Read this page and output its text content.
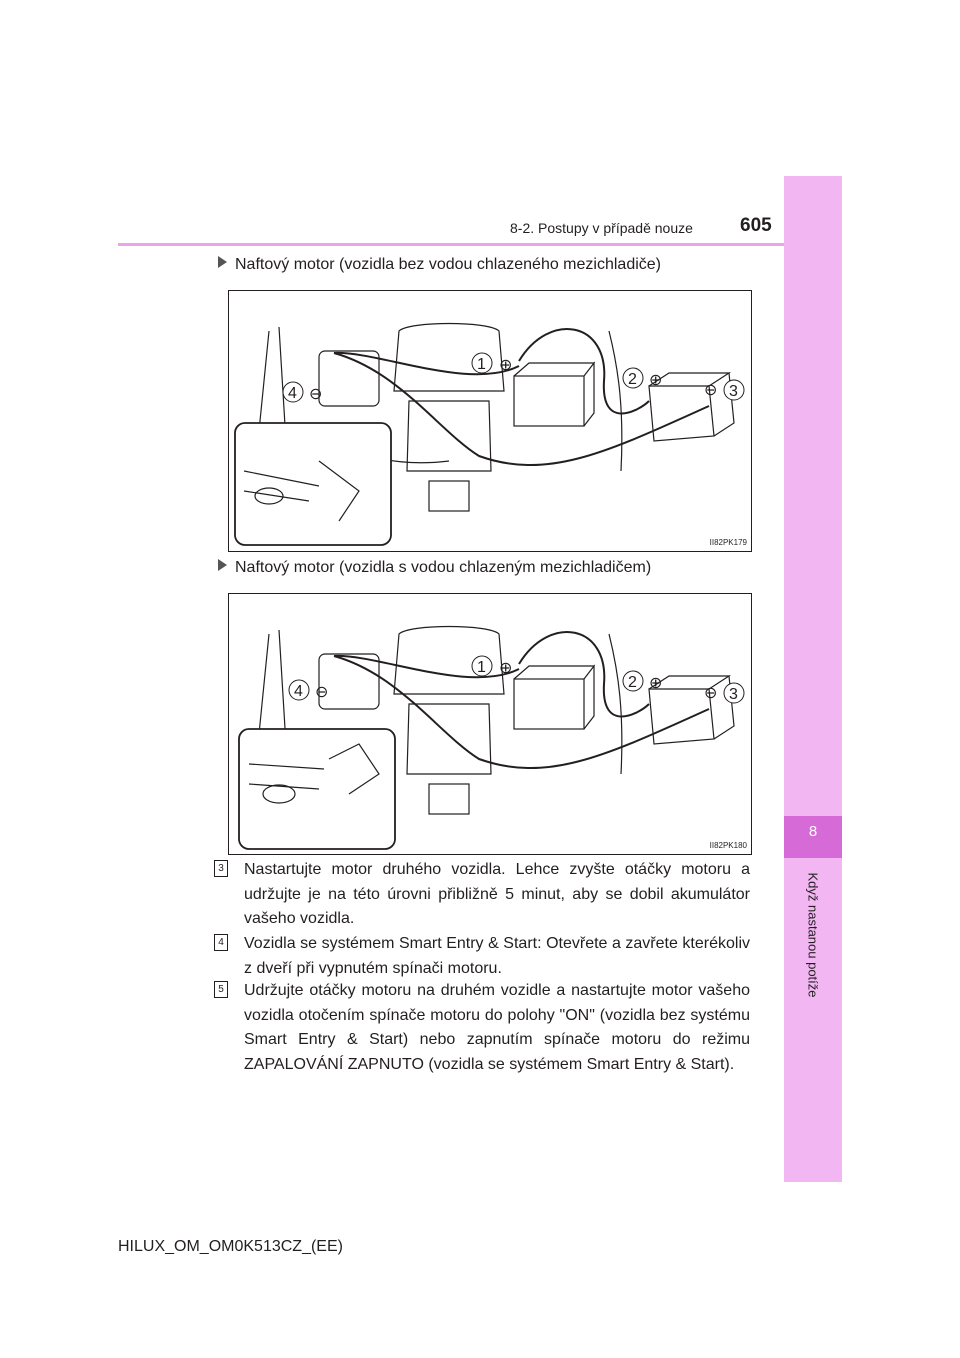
8
Když nastanou potíže
8-2. Postupy v případě nouze 605
Naftový motor (vozidla bez vodou chlazeného mezichladiče)
1
2
3
4
⊕
⊕
⊖
⊖
II82PK179
Naftový motor (vozidla s vodou chlazeným mezichladičem)
1
2
3
4
⊕
⊕
⊖
⊖
II82PK180
3 Nastartujte motor druhého vozidla. Lehce zvyšte otáčky motoru a udržujte je na této úrovni přibližně 5 minut, aby se dobil akumulátor vašeho vozidla.
4 Vozidla se systémem Smart Entry & Start: Otevřete a zavřete kterékoliv z dveří při vypnutém spínači motoru.
5 Udržujte otáčky motoru na druhém vozidle a nastartujte motor vašeho vozidla otočením spínače motoru do polohy "ON" (vozidla bez systému Smart Entry & Start) nebo zapnutím spínače motoru do režimu ZAPALOVÁNÍ ZAPNUTO (vozidla se systémem Smart Entry & Start).
HILUX_OM_OM0K513CZ_(EE)
